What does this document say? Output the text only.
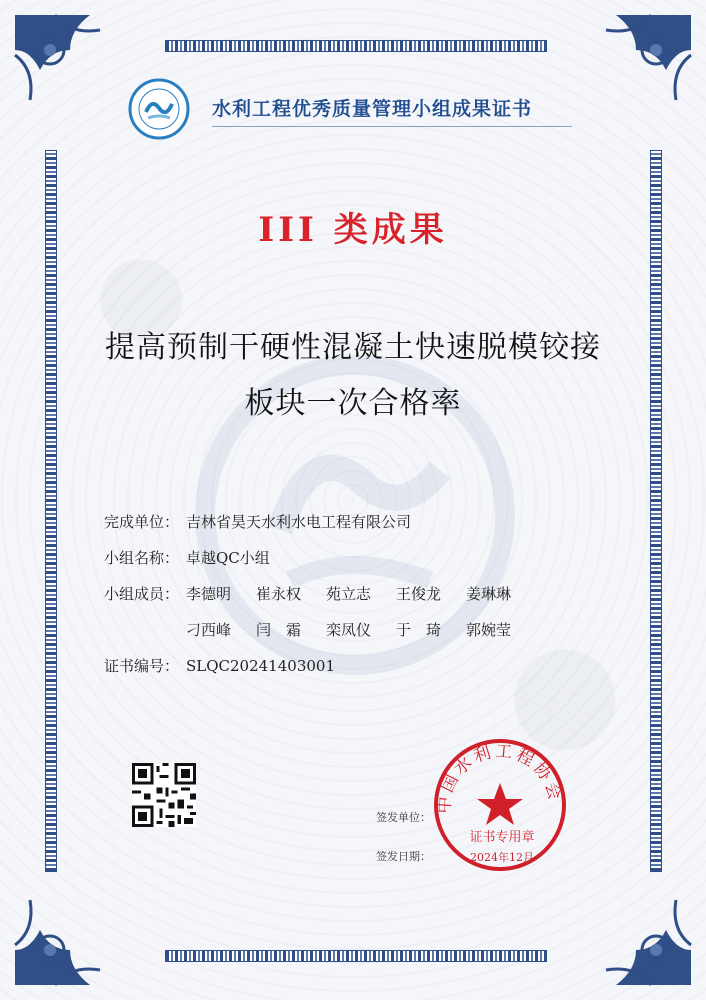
水利工程优秀质量管理小组成果证书
III 类成果
提高预制干硬性混凝土快速脱模铰接
板块一次合格率
完成单位： 吉林省昊天水利水电工程有限公司
小组名称： 卓越QC小组
小组成员： 李德明 崔永权 苑立志 王俊龙 姜琳琳
刁西峰 闫　霜 栾凤仪 于　琦 郭婉莹
证书编号： SLQC20241403001
签发单位：
签发日期：
中国水利工程协会
证书专用章
2024年12月
